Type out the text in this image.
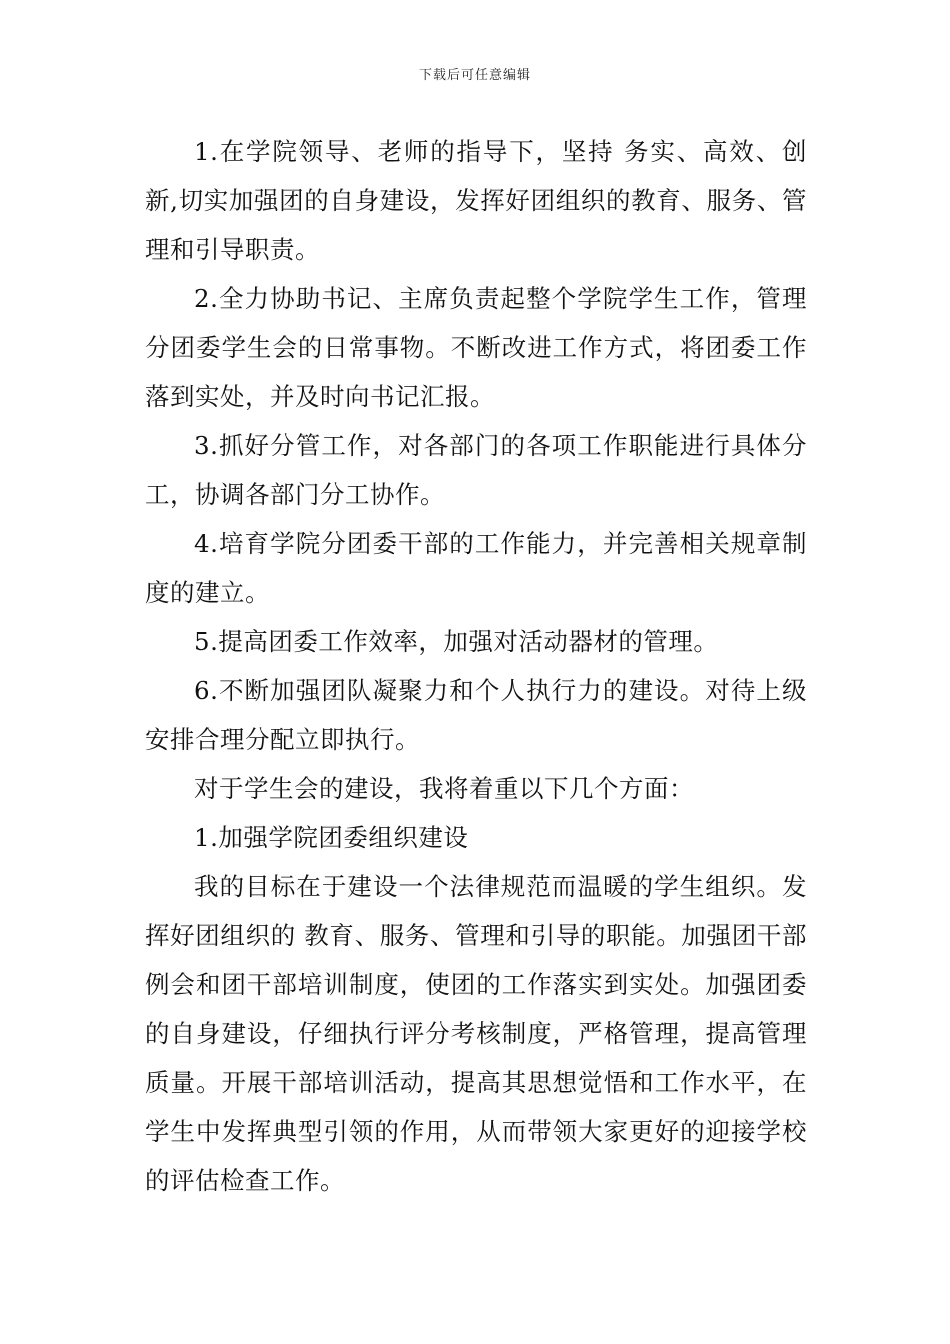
下载后可任意编辑

1.在学院领导、老师的指导下，坚持 务实、高效、创新,切实加强团的自身建设，发挥好团组织的教育、服务、管理和引导职责。

2.全力协助书记、主席负责起整个学院学生工作，管理分团委学生会的日常事物。不断改进工作方式，将团委工作落到实处，并及时向书记汇报。

3.抓好分管工作，对各部门的各项工作职能进行具体分工，协调各部门分工协作。

4.培育学院分团委干部的工作能力，并完善相关规章制度的建立。

5.提高团委工作效率，加强对活动器材的管理。

6.不断加强团队凝聚力和个人执行力的建设。对待上级安排合理分配立即执行。

对于学生会的建设，我将着重以下几个方面：

1.加强学院团委组织建设

我的目标在于建设一个法律规范而温暖的学生组织。发挥好团组织的 教育、服务、管理和引导的职能。加强团干部例会和团干部培训制度，使团的工作落实到实处。加强团委的自身建设，仔细执行评分考核制度，严格管理，提高管理质量。开展干部培训活动，提高其思想觉悟和工作水平，在学生中发挥典型引领的作用，从而带领大家更好的迎接学校的评估检查工作。
